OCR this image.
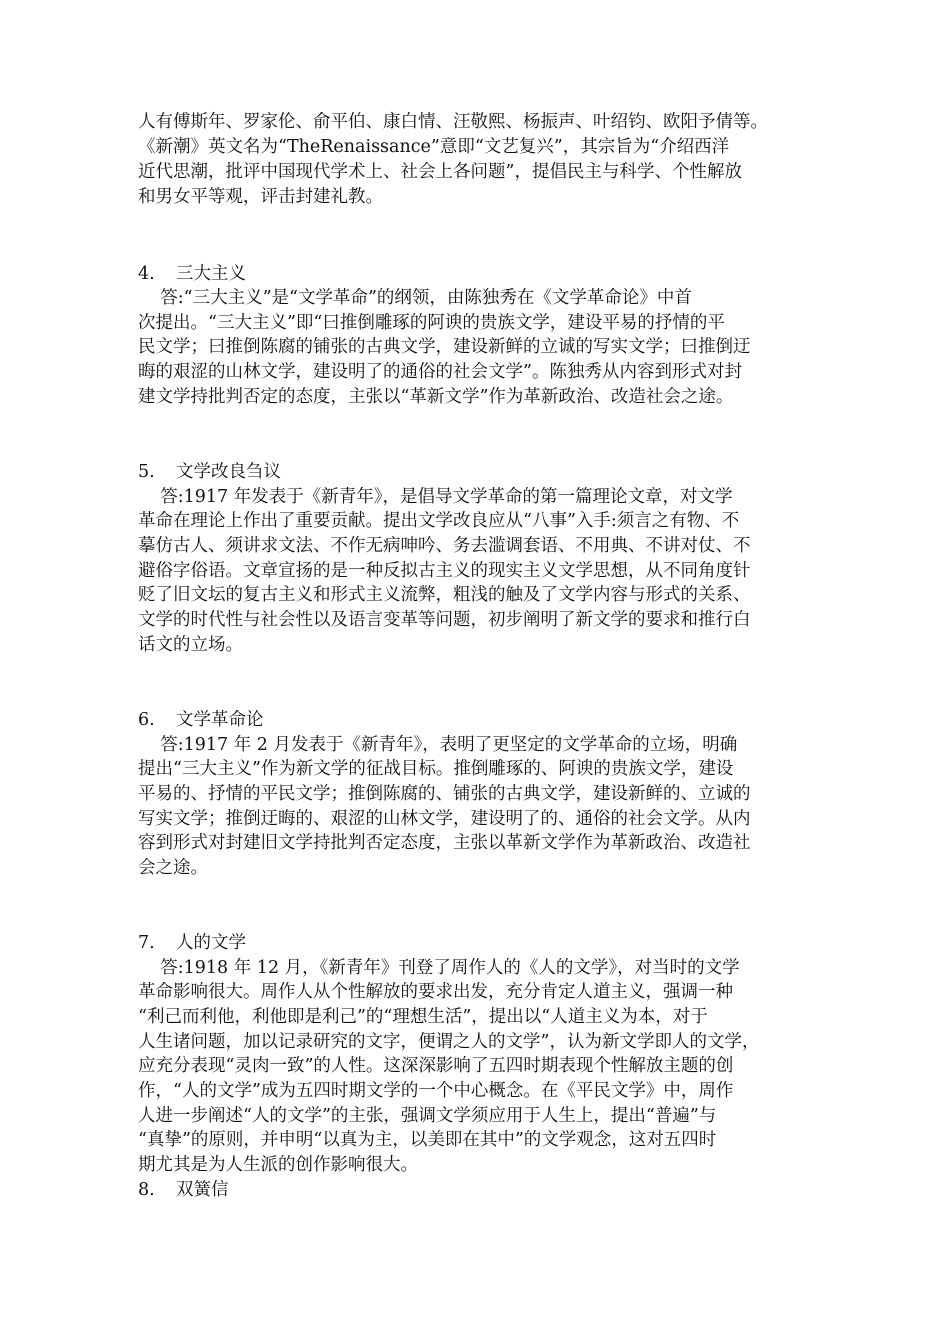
人有傅斯年、罗家伦、俞平伯、康白情、汪敬熙、杨振声、叶绍钧、欧阳予倩等。
《新潮》英文名为“TheRenaissance”意即“文艺复兴”，其宗旨为“介绍西洋
近代思潮，批评中国现代学术上、社会上各问题”，提倡民主与科学、个性解放
和男女平等观，评击封建礼教。
4. 三大主义
答:“三大主义”是“文学革命”的纲领，由陈独秀在《文学革命论》中首
次提出。“三大主义”即“曰推倒雕琢的阿谀的贵族文学，建设平易的抒情的平
民文学；曰推倒陈腐的铺张的古典文学，建设新鲜的立诚的写实文学；曰推倒迂
晦的艰涩的山林文学，建设明了的通俗的社会文学”。陈独秀从内容到形式对封
建文学持批判否定的态度，主张以“革新文学”作为革新政治、改造社会之途。
5. 文学改良刍议
答:1917 年发表于《新青年》，是倡导文学革命的第一篇理论文章，对文学
革命在理论上作出了重要贡献。提出文学改良应从“八事”入手:须言之有物、不
摹仿古人、须讲求文法、不作无病呻吟、务去滥调套语、不用典、不讲对仗、不
避俗字俗语。文章宣扬的是一种反拟古主义的现实主义文学思想，从不同角度针
贬了旧文坛的复古主义和形式主义流弊，粗浅的触及了文学内容与形式的关系、
文学的时代性与社会性以及语言变革等问题，初步阐明了新文学的要求和推行白
话文的立场。
6. 文学革命论
答:1917 年 2 月发表于《新青年》，表明了更坚定的文学革命的立场，明确
提出“三大主义”作为新文学的征战目标。推倒雕琢的、阿谀的贵族文学，建设
平易的、抒情的平民文学；推倒陈腐的、铺张的古典文学，建设新鲜的、立诚的
写实文学；推倒迂晦的、艰涩的山林文学，建设明了的、通俗的社会文学。从内
容到形式对封建旧文学持批判否定态度，主张以革新文学作为革新政治、改造社
会之途。
7. 人的文学
答:1918 年 12 月，《新青年》刊登了周作人的《人的文学》，对当时的文学
革命影响很大。周作人从个性解放的要求出发，充分肯定人道主义，强调一种
“利己而利他，利他即是利己”的“理想生活”，提出以“人道主义为本，对于
人生诸问题，加以记录研究的文字，便谓之人的文学”，认为新文学即人的文学，
应充分表现“灵肉一致”的人性。这深深影响了五四时期表现个性解放主题的创
作，“人的文学”成为五四时期文学的一个中心概念。在《平民文学》中，周作
人进一步阐述“人的文学”的主张，强调文学须应用于人生上，提出“普遍”与
“真挚”的原则，并申明“以真为主，以美即在其中”的文学观念，这对五四时
期尤其是为人生派的创作影响很大。
8. 双簧信
